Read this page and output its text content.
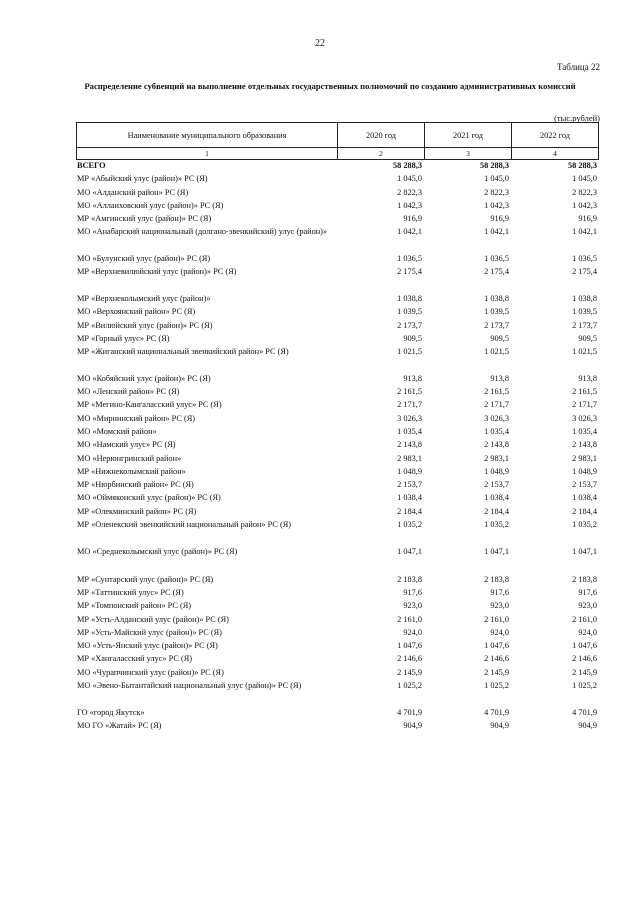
22
Таблица 22
Распределение субвенций на выполнение отдельных государственных полномочий по созданию административных комиссий
(тыс.рублей)
Наименование муниципального образования	2020 год	2021 год	2022 год
1	2	3	4
ВСЕГО	58 288,3	58 288,3	58 288,3
МР «Абыйский улус (район)» РС (Я)	1 045,0	1 045,0	1 045,0
МО «Алданский район» РС (Я)	2 822,3	2 822,3	2 822,3
МО «Аллаиховский улус (район)» РС (Я)	1 042,3	1 042,3	1 042,3
МР «Амгинский улус (район)» РС (Я)	916,9	916,9	916,9
МО «Анабарский национальный (долгано-эвенкийский) улус (район)»	1 042,1	1 042,1	1 042,1
МО «Булунский улус (район)» РС (Я)	1 036,5	1 036,5	1 036,5
МР «Верхневилюйский улус (район)» РС (Я)	2 175,4	2 175,4	2 175,4
МР «Верхнеколымский улус (район)»	1 038,8	1 038,8	1 038,8
МО «Верхоянский район» РС (Я)	1 039,5	1 039,5	1 039,5
МР «Вилюйский улус (район)» РС (Я)	2 173,7	2 173,7	2 173,7
МР «Горный улус» РС (Я)	909,5	909,5	909,5
МР «Жиганский национальный эвенкийский район» РС (Я)	1 021,5	1 021,5	1 021,5
МО «Кобяйский улус (район)» РС (Я)	913,8	913,8	913,8
МО «Ленский район» РС (Я)	2 161,5	2 161,5	2 161,5
МР «Мегино-Кангаласский улус» РС (Я)	2 171,7	2 171,7	2 171,7
МО «Мирнинский район» РС (Я)	3 026,3	3 026,3	3 026,3
МО «Момский район»	1 035,4	1 035,4	1 035,4
МО «Намский улус» РС (Я)	2 143,8	2 143,8	2 143,8
МО «Нерюнгринский район»	2 983,1	2 983,1	2 983,1
МР «Нижнеколымский район»	1 048,9	1 048,9	1 048,9
МР «Нюрбинский район» РС (Я)	2 153,7	2 153,7	2 153,7
МО «Оймяконский улус (район)» РС (Я)	1 038,4	1 038,4	1 038,4
МР «Олекминский район» РС (Я)	2 184,4	2 184,4	2 184,4
МР «Оленекский эвенкийский национальный район» РС (Я)	1 035,2	1 035,2	1 035,2
МО «Среднеколымский улус (район)» РС (Я)	1 047,1	1 047,1	1 047,1
МР «Сунтарский улус (район)» РС (Я)	2 183,8	2 183,8	2 183,8
МР «Таттинский улус» РС (Я)	917,6	917,6	917,6
МР «Томпонский район» РС (Я)	923,0	923,0	923,0
МР «Усть-Алданский улус (район)» РС (Я)	2 161,0	2 161,0	2 161,0
МР «Усть-Майский улус (район)» РС (Я)	924,0	924,0	924,0
МО «Усть-Янский улус (район)» РС (Я)	1 047,6	1 047,6	1 047,6
МР «Хангаласский улус» РС (Я)	2 146,6	2 146,6	2 146,6
МО «Чурапчинский улус (район)» РС (Я)	2 145,9	2 145,9	2 145,9
МО «Эвено-Бытантайский национальный улус (район)» РС (Я)	1 025,2	1 025,2	1 025,2
ГО «город Якутск»	4 701,9	4 701,9	4 701,9
МО ГО «Жатай» РС (Я)	904,9	904,9	904,9
